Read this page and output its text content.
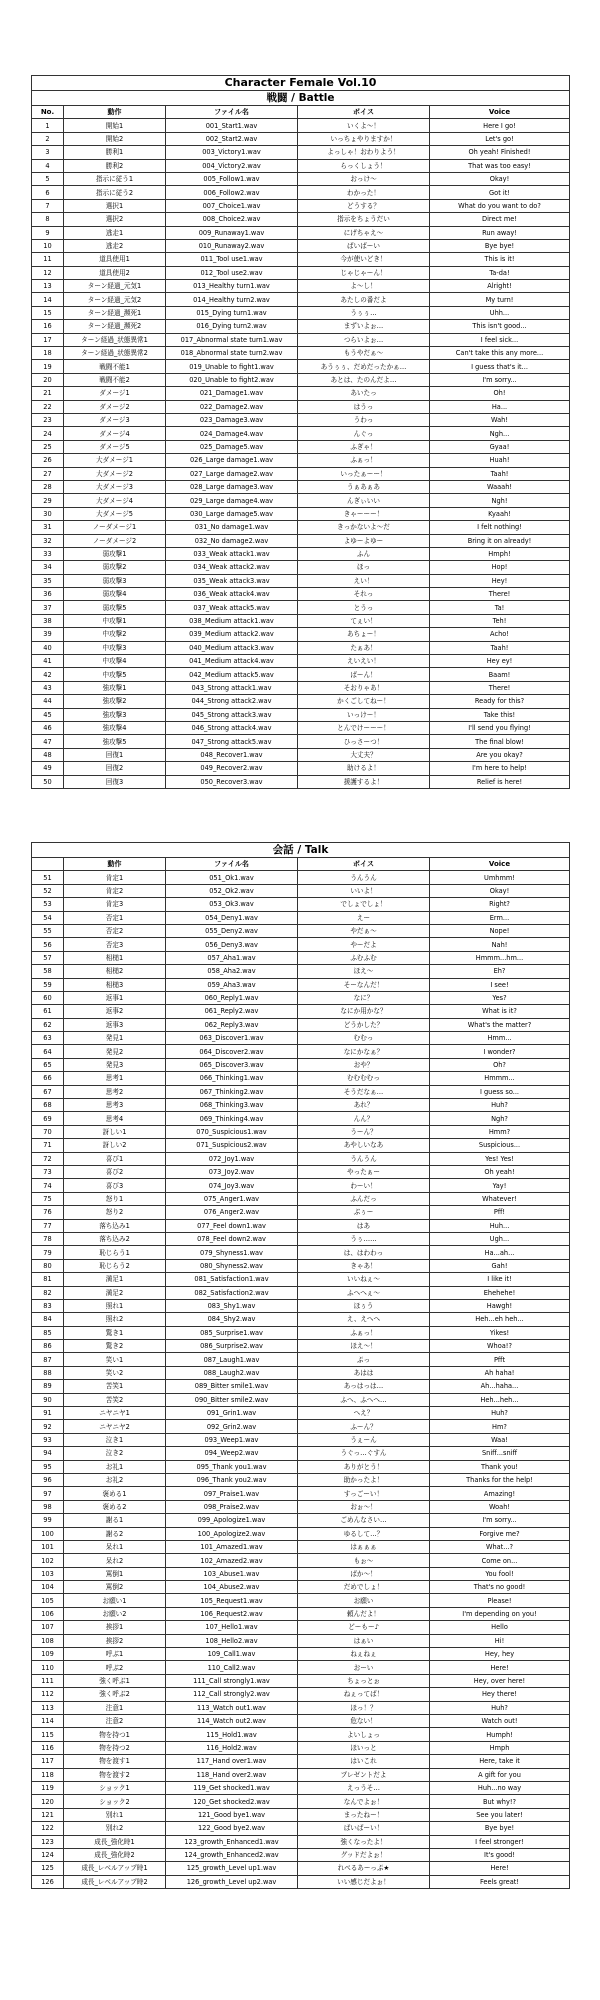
Character Female Vol.10				
戦闘 / Battle				
No.	動作	ファイル名	ボイス	Voice
1	開始1	001_Start1.wav	いくよ～！	Here I go!
2	開始2	002_Start2.wav	いっちょやりますか！	Let's go!
3	勝利1	003_Victory1.wav	よっしゃ！おわりよう！	Oh yeah! Finished!
4	勝利2	004_Victory2.wav	らっくしょう！	That was too easy!
5	指示に従う1	005_Follow1.wav	おっけ～	Okay!
6	指示に従う2	006_Follow2.wav	わかった！	Got it!
7	選択1	007_Choice1.wav	どうする？	What do you want to do?
8	選択2	008_Choice2.wav	指示をちょうだい	Direct me!
9	逃走1	009_Runaway1.wav	にげちゃえ～	Run away!
10	逃走2	010_Runaway2.wav	ばいばーい	Bye bye!
11	道具使用1	011_Tool use1.wav	今が使いどき！	This is it!
12	道具使用2	012_Tool use2.wav	じゃじゃーん！	Ta-da!
13	ターン経過_元気1	013_Healthy turn1.wav	よ～し！	Alright!
14	ターン経過_元気2	014_Healthy turn2.wav	あたしの番だよ	My turn!
15	ターン経過_瀕死1	015_Dying turn1.wav	うぅぅ…	Uhh...
16	ターン経過_瀕死2	016_Dying turn2.wav	まずいよぉ…	This isn't good...
17	ターン経過_状態異常1	017_Abnormal state turn1.wav	つらいよぉ…	I feel sick...
18	ターン経過_状態異常2	018_Abnormal state turn2.wav	もうやだぁ～	Can't take this any more...
19	戦闘不能1	019_Unable to fight1.wav	あうぅぅ、だめだったかぁ…	I guess that's it...
20	戦闘不能2	020_Unable to fight2.wav	あとは、たのんだよ…	I'm sorry...
21	ダメージ1	021_Damage1.wav	あいたっ	Oh!
22	ダメージ2	022_Damage2.wav	はうっ	Ha...
23	ダメージ3	023_Damage3.wav	うわっ	Wah!
24	ダメージ4	024_Damage4.wav	んぐっ	Ngh...
25	ダメージ5	025_Damage5.wav	ふぎゃ！	Gyaa!
26	大ダメージ1	026_Large damage1.wav	ふぁっ！	Huah!
27	大ダメージ2	027_Large damage2.wav	いったぁーー！	Taah!
28	大ダメージ3	028_Large damage3.wav	うぁあぁあ	Waaah!
29	大ダメージ4	029_Large damage4.wav	んぎぃいい	Ngh!
30	大ダメージ5	030_Large damage5.wav	きゃーーー！	Kyaah!
31	ノーダメージ1	031_No damage1.wav	きっかないよ～だ	I felt nothing!
32	ノーダメージ2	032_No damage2.wav	よゆーよゆー	Bring it on already!
33	弱攻撃1	033_Weak attack1.wav	ふん	Hmph!
34	弱攻撃2	034_Weak attack2.wav	ほっ	Hop!
35	弱攻撃3	035_Weak attack3.wav	えい！	Hey!
36	弱攻撃4	036_Weak attack4.wav	それっ	There!
37	弱攻撃5	037_Weak attack5.wav	とうっ	Ta!
38	中攻撃1	038_Medium attack1.wav	てぇい！	Teh!
39	中攻撃2	039_Medium attack2.wav	あちょー！	Acho!
40	中攻撃3	040_Medium attack3.wav	たぁあ！	Taah!
41	中攻撃4	041_Medium attack4.wav	えいえい！	Hey ey!
42	中攻撃5	042_Medium attack5.wav	ばーん！	Baam!
43	強攻撃1	043_Strong attack1.wav	そおりゃあ！	There!
44	強攻撃2	044_Strong attack2.wav	かくごしてねー！	Ready for this?
45	強攻撃3	045_Strong attack3.wav	いっけー！	Take this!
46	強攻撃4	046_Strong attack4.wav	とんでけーーー！	I'll send you flying!
47	強攻撃5	047_Strong attack5.wav	ひっさーつ！	The final blow!
48	回復1	048_Recover1.wav	大丈夫？	Are you okay?
49	回復2	049_Recover2.wav	助けるよ！	I'm here to help!
50	回復3	050_Recover3.wav	援護するよ！	Relief is here!
会話 / Talk				
	動作	ファイル名	ボイス	Voice
51	肯定1	051_Ok1.wav	うんうん	Umhmm!
52	肯定2	052_Ok2.wav	いいよ！	Okay!
53	肯定3	053_Ok3.wav	でしょでしょ！	Right?
54	否定1	054_Deny1.wav	えー	Erm...
55	否定2	055_Deny2.wav	やだぁ～	Nope!
56	否定3	056_Deny3.wav	やーだよ	Nah!
57	相槌1	057_Aha1.wav	ふむふむ	Hmmm...hm...
58	相槌2	058_Aha2.wav	ほえ～	Eh?
59	相槌3	059_Aha3.wav	そーなんだ！	I see!
60	返事1	060_Reply1.wav	なに？	Yes?
61	返事2	061_Reply2.wav	なにか用かな？	What is it?
62	返事3	062_Reply3.wav	どうかした？	What's the matter?
63	発見1	063_Discover1.wav	むむっ	Hmm...
64	発見2	064_Discover2.wav	なにかなぁ？	I wonder?
65	発見3	065_Discover3.wav	おや？	Oh?
66	思考1	066_Thinking1.wav	むむむむっ	Hmmm...
67	思考2	067_Thinking2.wav	そうだなぁ…	I guess so...
68	思考3	068_Thinking3.wav	あれ？	Huh?
69	思考4	069_Thinking4.wav	んん？	Ngh?
70	訝しい1	070_Suspicious1.wav	うーん？	Hmm?
71	訝しい2	071_Suspicious2.wav	あやしいなあ	Suspicious...
72	喜び1	072_Joy1.wav	うんうん	Yes! Yes!
73	喜び2	073_Joy2.wav	やったぁー	Oh yeah!
74	喜び3	074_Joy3.wav	わーい！	Yay!
75	怒り1	075_Anger1.wav	ふんだっ	Whatever!
76	怒り2	076_Anger2.wav	ぶぅー	Pff!
77	落ち込み1	077_Feel down1.wav	はあ	Huh...
78	落ち込み2	078_Feel down2.wav	うぅ……	Ugh...
79	恥じらう1	079_Shyness1.wav	は、はわわっ	Ha...ah...
80	恥じらう2	080_Shyness2.wav	きゃあ！	Gah!
81	満足1	081_Satisfaction1.wav	いいねぇ～	I like it!
82	満足2	082_Satisfaction2.wav	ふへへぇ～	Ehehehe!
83	照れ1	083_Shy1.wav	ほぅう	Hawgh!
84	照れ2	084_Shy2.wav	え、えへへ	Heh...eh heh...
85	驚き1	085_Surprise1.wav	ふぁっ！	Yikes!
86	驚き2	086_Surprise2.wav	ほえ～！	Whoa!?
87	笑い1	087_Laugh1.wav	ぷっ	Pfft
88	笑い2	088_Laugh2.wav	あはは	Ah haha!
89	苦笑1	089_Bitter smile1.wav	あっはっは…	Ah...haha...
90	苦笑2	090_Bitter smile2.wav	ふへ、ふへへ…	Heh...heh...
91	ニヤニヤ1	091_Grin1.wav	へえ？	Huh?
92	ニヤニヤ2	092_Grin2.wav	ふーん？	Hm?
93	泣き1	093_Weep1.wav	うぇーん	Waa!
94	泣き2	094_Weep2.wav	うぐっ…ぐすん	Sniff...sniff
95	お礼1	095_Thank you1.wav	ありがとう！	Thank you!
96	お礼2	096_Thank you2.wav	助かったよ！	Thanks for the help!
97	褒める1	097_Praise1.wav	すっごーい！	Amazing!
98	褒める2	098_Praise2.wav	おぉ～！	Woah!
99	謝る1	099_Apologize1.wav	ごめんなさい…	I'm sorry...
100	謝る2	100_Apologize2.wav	ゆるして…？	Forgive me?
101	呆れ1	101_Amazed1.wav	はぁぁぁ	What...?
102	呆れ2	102_Amazed2.wav	もぉ～	Come on...
103	罵倒1	103_Abuse1.wav	ばか～！	You fool!
104	罵倒2	104_Abuse2.wav	だめでしょ！	That's no good!
105	お願い1	105_Request1.wav	お願い	Please!
106	お願い2	106_Request2.wav	頼んだよ！	I'm depending on you!
107	挨拶1	107_Hello1.wav	どーもー♪	Hello
108	挨拶2	108_Hello2.wav	はぁい	Hi!
109	呼ぶ1	109_Call1.wav	ねぇねぇ	Hey, hey
110	呼ぶ2	110_Call2.wav	おーい	Here!
111	強く呼ぶ1	111_Call strongly1.wav	ちょっとぉ	Hey, over here!
112	強く呼ぶ2	112_Call strongly2.wav	ねぇってば！	Hey there!
113	注意1	113_Watch out1.wav	ほっ！？	Huh?
114	注意2	114_Watch out2.wav	危ない！	Watch out!
115	物を持つ1	115_Hold1.wav	よいしょっ	Humph!
116	物を持つ2	116_Hold2.wav	ほいっと	Hmph
117	物を渡す1	117_Hand over1.wav	はいこれ	Here, take it
118	物を渡す2	118_Hand over2.wav	プレゼントだよ	A gift for you
119	ショック1	119_Get shocked1.wav	えっうそ…	Huh...no way
120	ショック2	120_Get shocked2.wav	なんでよぉ！	But why!?
121	別れ1	121_Good bye1.wav	まったねー！	See you later!
122	別れ2	122_Good bye2.wav	ばいばーい！	Bye bye!
123	成長_強化時1	123_growth_Enhanced1.wav	強くなったよ！	I feel stronger!
124	成長_強化時2	124_growth_Enhanced2.wav	グッドだよぉ！	It's good!
125	成長_レベルアップ時1	125_growth_Level up1.wav	れべるあーっぷ★	Here!
126	成長_レベルアップ時2	126_growth_Level up2.wav	いい感じだよぉ！	Feels great!
